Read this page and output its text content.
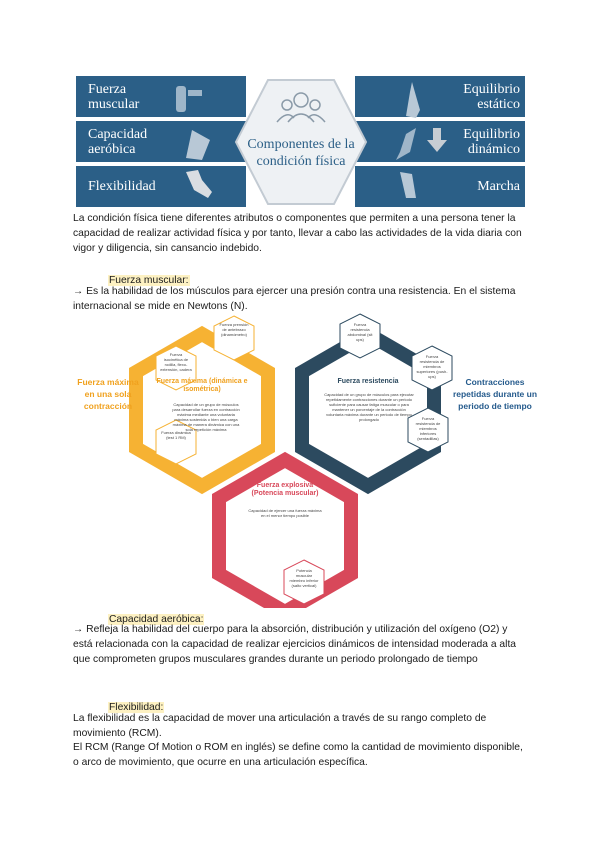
Componentes de la condición física
Fuerza muscular
Capacidad aeróbica
Flexibilidad
Equilibrio estático
Equilibrio dinámico
Marcha
La condición física tiene diferentes atributos o componentes que permiten a una persona tener la capacidad de realizar actividad física y por tanto, llevar a cabo las actividades de la vida diaria con vigor y diligencia, sin cansancio indebido.
Fuerza muscular:
→ Es la habilidad de los músculos para ejercer una presión contra una resistencia. En el sistema internacional se mide en Newtons (N).
Fuerza máxima en una sola contracción
Contracciones repetidas durante un periodo de tiempo
Fuerza máxima (dinámica e isométrica)
Capacidad de un grupo de músculos para desarrollar fuerza en contracción máxima mediante una voluntaria máxima sostenida o bien una carga máxima de manera dinámica con una sola repetición máxima
Fuerza resistencia
Capacidad de un grupo de músculos para ejecutar repetidamente contracciones durante un periodo suficiente para causar fatiga muscular o para mantener un porcentaje de la contracción voluntaria máxima durante un periodo de tiempo prolongado
Fuerza explosiva (Potencia muscular)
Capacidad de ejercer una fuerza máxima en el menor tiempo posible
Fuerza prensión de antebrazo (dinamómetro)
Fuerza isocinética de rodilla, flexo-extensión, cadera
Fuerza dinámica (test 1 RM)
Fuerza resistencia abdominal (sit ups)
Fuerza resistencia de miembros superiores (push-ups)
Fuerza resistencia de miembros inferiores (sentadillas)
Potencia muscular miembro inferior (salto vertical)
Capacidad aeróbica:
→ Refleja la habilidad del cuerpo para la absorción, distribución y utilización del oxígeno (O2) y está relacionada con la capacidad de realizar ejercicios dinámicos de intensidad moderada a alta que comprometen grupos musculares grandes durante un periodo prolongado de tiempo
Flexibilidad:
La flexibilidad es la capacidad de mover una articulación a través de su rango completo de movimiento (RCM).
El RCM (Range Of Motion o ROM en inglés) se define como la cantidad de movimiento disponible, o arco de movimiento, que ocurre en una articulación específica.
